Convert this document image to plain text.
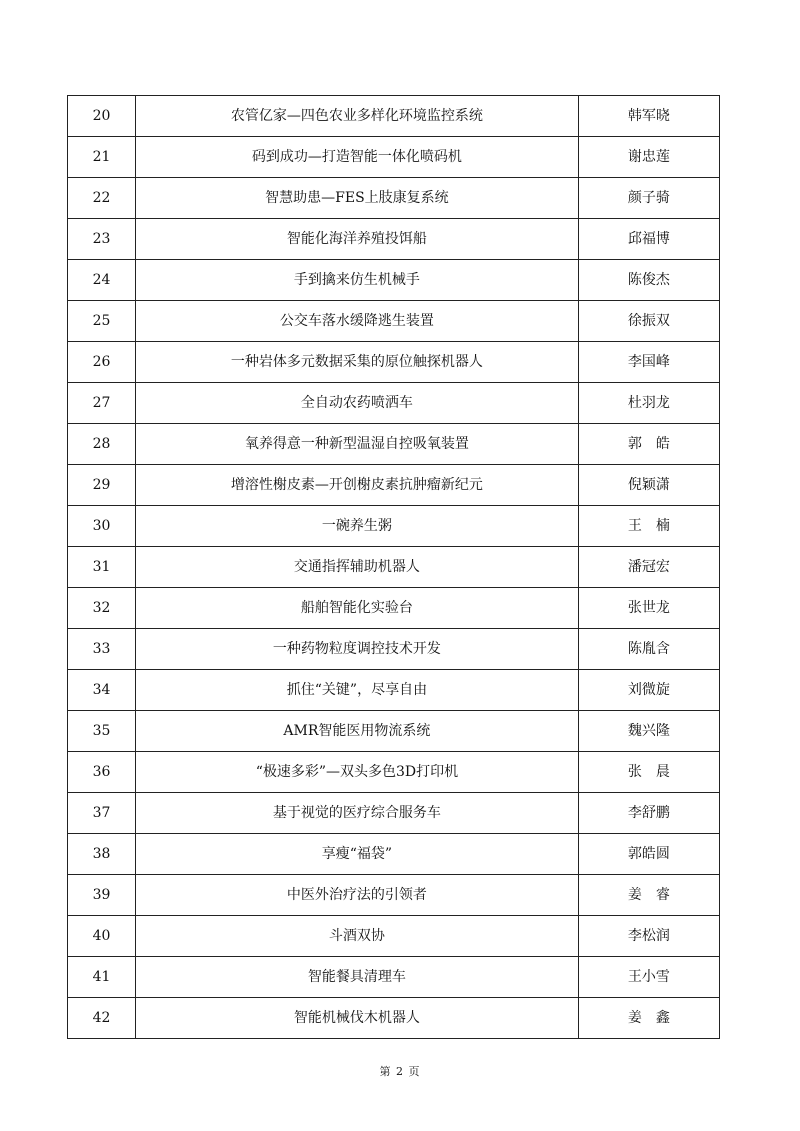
20	农管亿家—四色农业多样化环境监控系统	韩军晓
21	码到成功—打造智能一体化喷码机	谢忠莲
22	智慧助患—FES上肢康复系统	颜子骑
23	智能化海洋养殖投饵船	邱福博
24	手到擒来仿生机械手	陈俊杰
25	公交车落水缓降逃生装置	徐振双
26	一种岩体多元数据采集的原位触探机器人	李国峰
27	全自动农药喷洒车	杜羽龙
28	氧养得意一种新型温湿自控吸氧装置	郭　皓
29	增溶性榭皮素—开创榭皮素抗肿瘤新纪元	倪颖潇
30	一碗养生粥	王　楠
31	交通指挥辅助机器人	潘冠宏
32	船舶智能化实验台	张世龙
33	一种药物粒度调控技术开发	陈胤含
34	抓住“关键”，尽享自由	刘微旋
35	AMR智能医用物流系统	魏兴隆
36	“极速多彩”—双头多色3D打印机	张　晨
37	基于视觉的医疗综合服务车	李舒鹏
38	享瘦“福袋”	郭皓圆
39	中医外治疗法的引领者	姜　睿
40	斗酒双协	李松润
41	智能餐具清理车	王小雪
42	智能机械伐木机器人	姜　鑫
第 2 页
